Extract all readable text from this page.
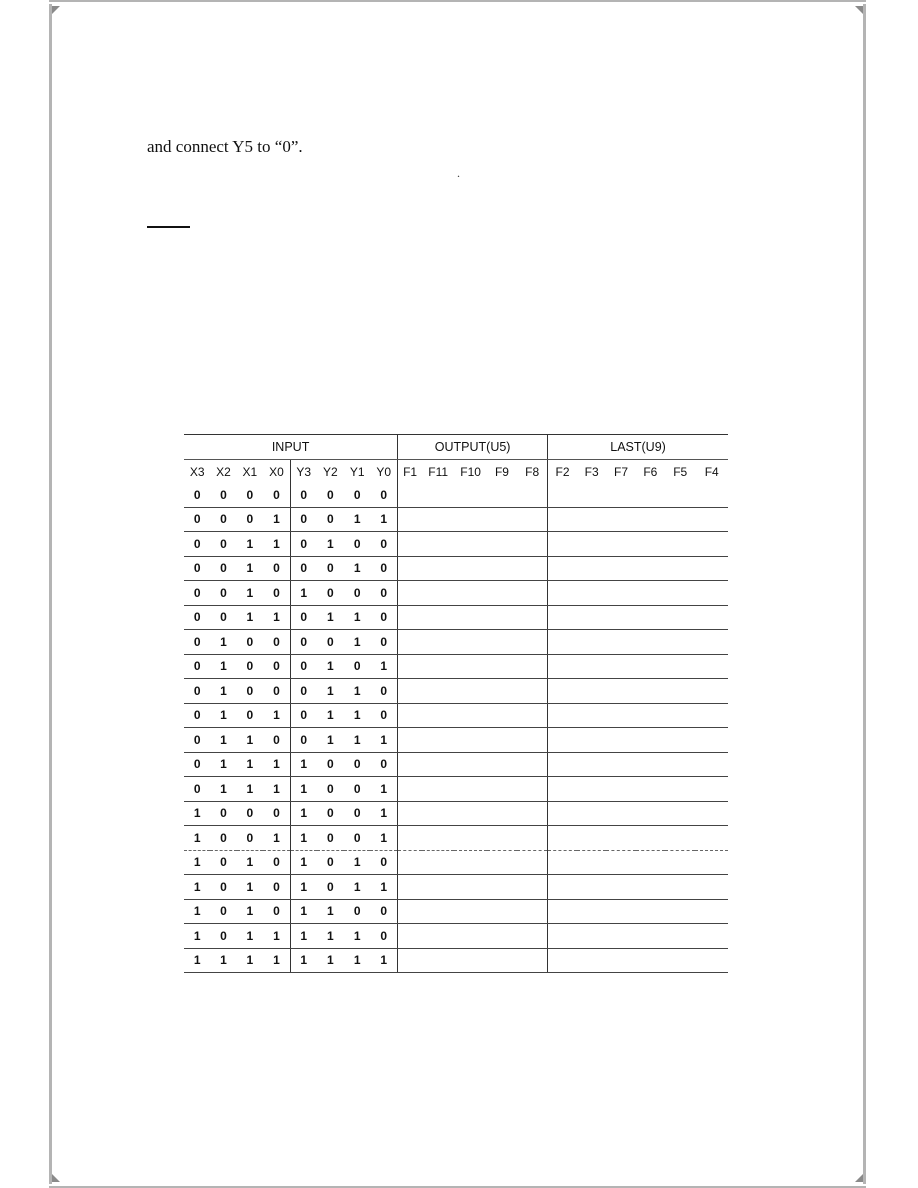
and connect Y5 to “0”.
.
INPUT								OUTPUT(U5)					LAST(U9)					
X3	X2	X1	X0	Y3	Y2	Y1	Y0	F1	F11	F10	F9	F8	F2	F3	F7	F6	F5	F4
0	0	0	0	0	0	0	0											
0	0	0	1	0	0	1	1											
0	0	1	1	0	1	0	0											
0	0	1	0	0	0	1	0											
0	0	1	0	1	0	0	0											
0	0	1	1	0	1	1	0											
0	1	0	0	0	0	1	0											
0	1	0	0	0	1	0	1											
0	1	0	0	0	1	1	0											
0	1	0	1	0	1	1	0											
0	1	1	0	0	1	1	1											
0	1	1	1	1	0	0	0											
0	1	1	1	1	0	0	1											
1	0	0	0	1	0	0	1											
1	0	0	1	1	0	0	1											
1	0	1	0	1	0	1	0											
1	0	1	0	1	0	1	1											
1	0	1	0	1	1	0	0											
1	0	1	1	1	1	1	0											
1	1	1	1	1	1	1	1											
